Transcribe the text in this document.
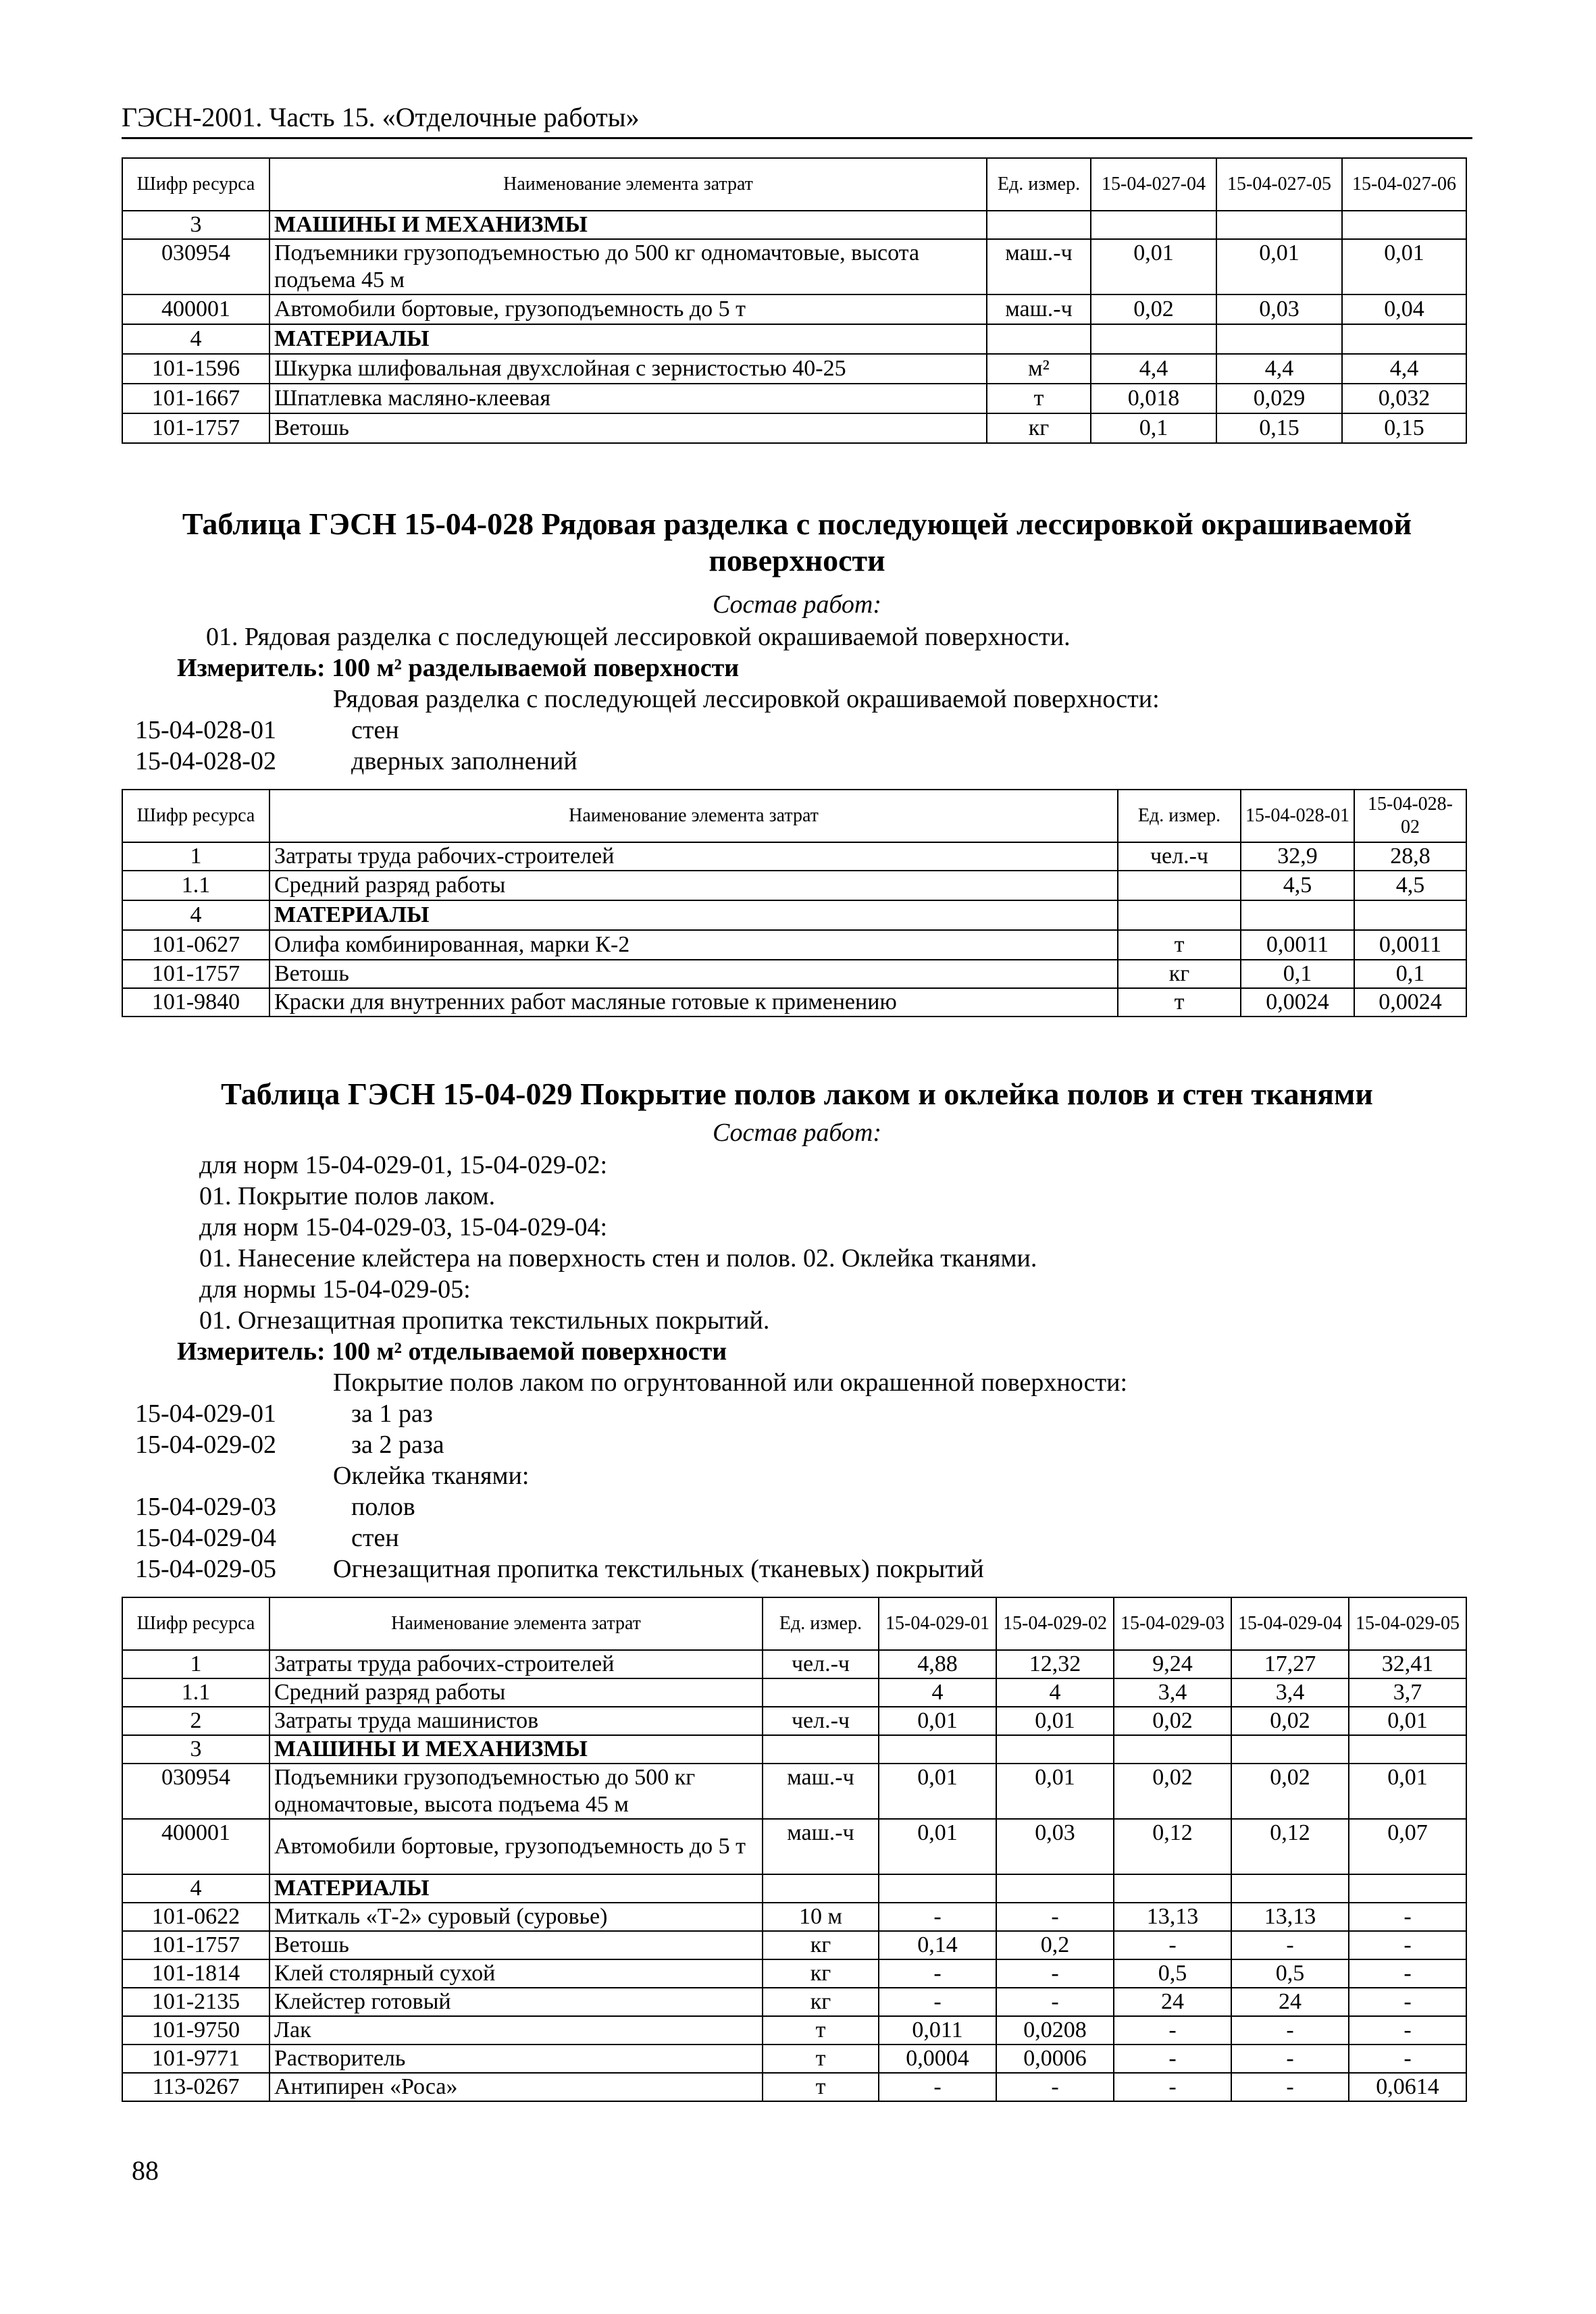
ГЭСН-2001. Часть 15. «Отделочные работы»
Шифр ресурса	Наименование элемента затрат	Ед. измер.	15-04-027-04	15-04-027-05	15-04-027-06
3	МАШИНЫ И МЕХАНИЗМЫ				
030954	Подъемники грузоподъемностью до 500 кг одномачтовые, высота подъема 45 м	маш.-ч	0,01	0,01	0,01
400001	Автомобили бортовые, грузоподъемность до 5 т	маш.-ч	0,02	0,03	0,04
4	МАТЕРИАЛЫ				
101-1596	Шкурка шлифовальная двухслойная с зернистостью 40-25	м²	4,4	4,4	4,4
101-1667	Шпатлевка масляно-клеевая	т	0,018	0,029	0,032
101-1757	Ветошь	кг	0,1	0,15	0,15
Таблица ГЭСН 15-04-028 Рядовая разделка с последующей лессировкой окрашиваемой
поверхности
Состав работ:
01. Рядовая разделка с последующей лессировкой окрашиваемой поверхности.
Измеритель: 100 м² разделываемой поверхности
Рядовая разделка с последующей лессировкой окрашиваемой поверхности:
15-04-028-01	стен
15-04-028-02	дверных заполнений
Шифр ресурса	Наименование элемента затрат	Ед. измер.	15-04-028-01	15-04-028-02
1	Затраты труда рабочих-строителей	чел.-ч	32,9	28,8
1.1	Средний разряд работы		4,5	4,5
4	МАТЕРИАЛЫ			
101-0627	Олифа комбинированная, марки К-2	т	0,0011	0,0011
101-1757	Ветошь	кг	0,1	0,1
101-9840	Краски для внутренних работ масляные готовые к применению	т	0,0024	0,0024
Таблица ГЭСН 15-04-029 Покрытие полов лаком и оклейка полов и стен тканями
Состав работ:
для норм 15-04-029-01, 15-04-029-02:
01. Покрытие полов лаком.
для норм 15-04-029-03, 15-04-029-04:
01. Нанесение клейстера на поверхность стен и полов. 02. Оклейка тканями.
для нормы 15-04-029-05:
01. Огнезащитная пропитка текстильных покрытий.
Измеритель: 100 м² отделываемой поверхности
Покрытие полов лаком по огрунтованной или окрашенной поверхности:
15-04-029-01	за 1 раз
15-04-029-02	за 2 раза
Оклейка тканями:
15-04-029-03	полов
15-04-029-04	стен
15-04-029-05 Огнезащитная пропитка текстильных (тканевых) покрытий
Шифр ресурса	Наименование элемента затрат	Ед. измер.	15-04-029-01	15-04-029-02	15-04-029-03	15-04-029-04	15-04-029-05
1	Затраты труда рабочих-строителей	чел.-ч	4,88	12,32	9,24	17,27	32,41
1.1	Средний разряд работы		4	4	3,4	3,4	3,7
2	Затраты труда машинистов	чел.-ч	0,01	0,01	0,02	0,02	0,01
3	МАШИНЫ И МЕХАНИЗМЫ						
030954	Подъемники грузоподъемностью до 500 кг одномачтовые, высота подъема 45 м	маш.-ч	0,01	0,01	0,02	0,02	0,01
400001	Автомобили бортовые, грузоподъемность до 5 т	маш.-ч	0,01	0,03	0,12	0,12	0,07
4	МАТЕРИАЛЫ						
101-0622	Миткаль «Т-2» суровый (суровье)	10 м	-	-	13,13	13,13	-
101-1757	Ветошь	кг	0,14	0,2	-	-	-
101-1814	Клей столярный сухой	кг	-	-	0,5	0,5	-
101-2135	Клейстер готовый	кг	-	-	24	24	-
101-9750	Лак	т	0,011	0,0208	-	-	-
101-9771	Растворитель	т	0,0004	0,0006	-	-	-
113-0267	Антипирен «Роса»	т	-	-	-	-	0,0614
88
